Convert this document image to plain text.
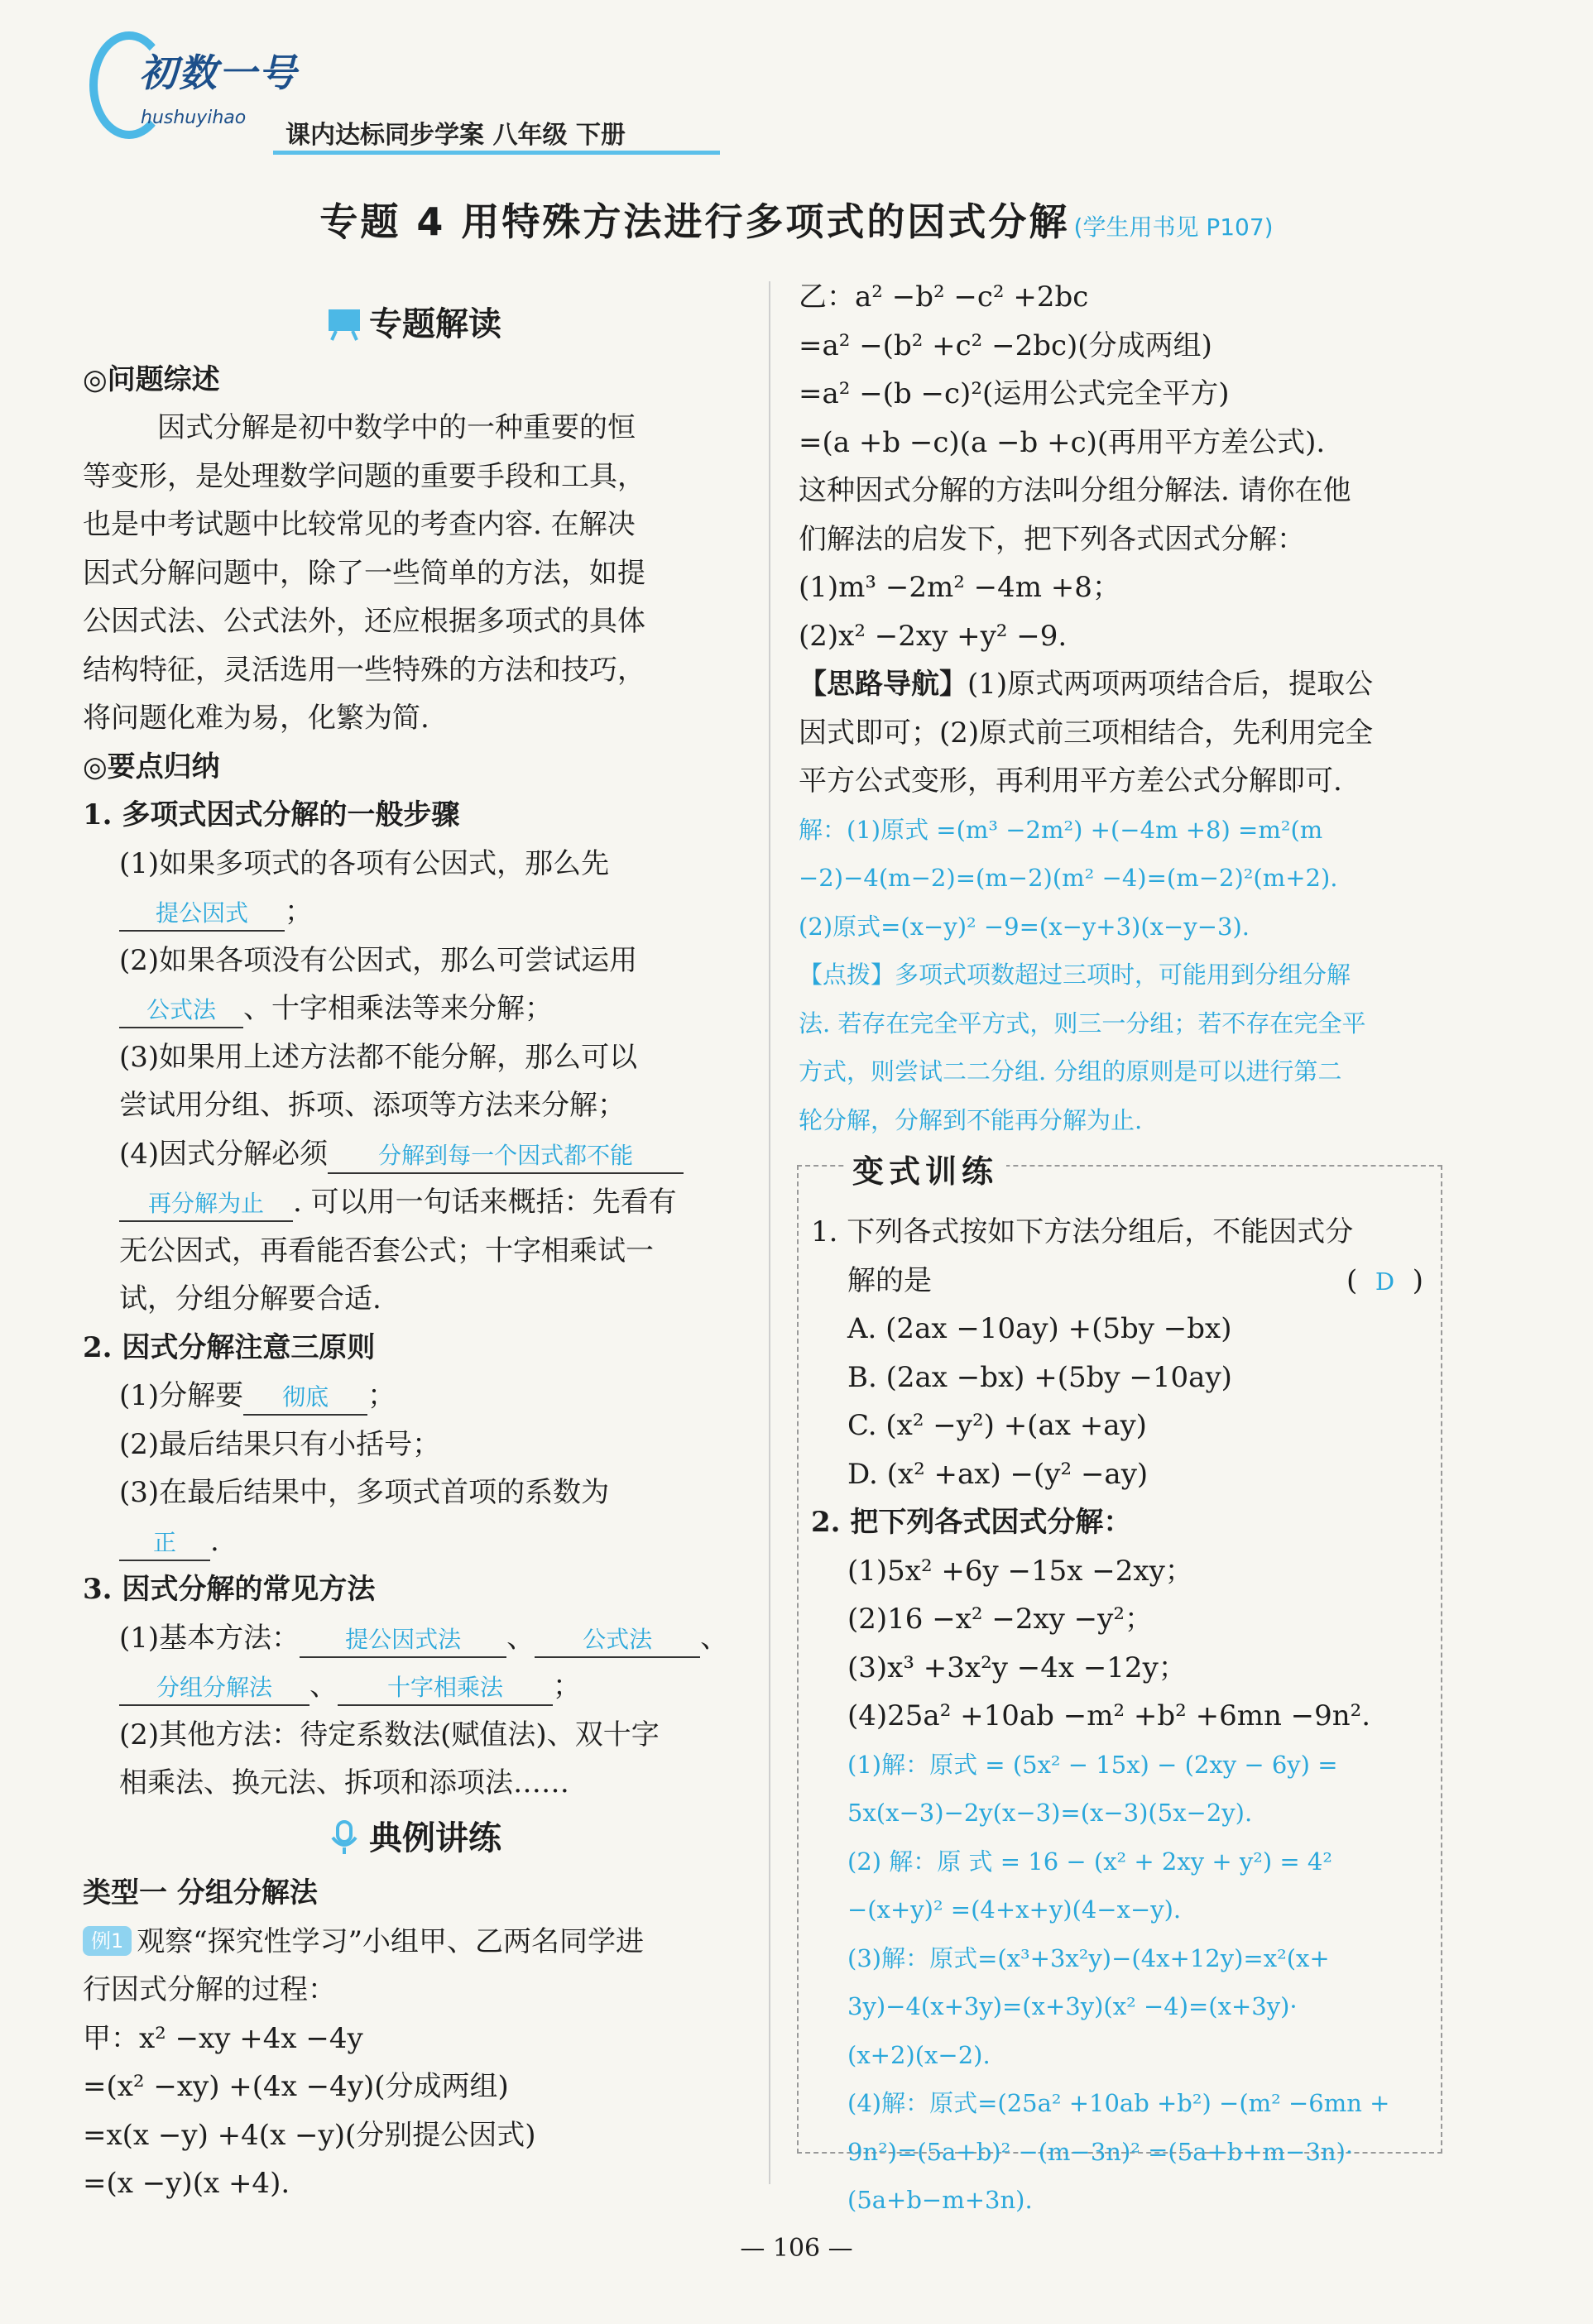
初数一号
hushuyihao
课内达标同步学案 八年级 下册
专题 4 用特殊方法进行多项式的因式分解 (学生用书见 P107)
专题解读
◎问题综述
因式分解是初中数学中的一种重要的恒
等变形，是处理数学问题的重要手段和工具，
也是中考试题中比较常见的考查内容. 在解决
因式分解问题中，除了一些简单的方法，如提
公因式法、公式法外，还应根据多项式的具体
结构特征，灵活选用一些特殊的方法和技巧，
将问题化难为易，化繁为简.
◎要点归纳
1. 多项式因式分解的一般步骤
(1)如果多项式的各项有公因式，那么先
提公因式 ；
(2)如果各项没有公因式，那么可尝试运用
公式法 、十字相乘法等来分解；
(3)如果用上述方法都不能分解，那么可以
尝试用分组、拆项、添项等方法来分解；
(4)因式分解必须 分解到每一个因式都不能
再分解为止 . 可以用一句话来概括：先看有
无公因式，再看能否套公式；十字相乘试一
试，分组分解要合适.
2. 因式分解注意三原则
(1)分解要 彻底 ；
(2)最后结果只有小括号；
(3)在最后结果中，多项式首项的系数为
正 .
3. 因式分解的常见方法
(1)基本方法： 提公因式法 、 公式法 、
分组分解法 、 十字相乘法 ；
(2)其他方法：待定系数法(赋值法)、双十字
相乘法、换元法、拆项和添项法……
典例讲练
类型一 分组分解法
例1 观察“探究性学习”小组甲、乙两名同学进
行因式分解的过程：
甲：x² −xy +4x −4y
=(x² −xy) +(4x −4y)(分成两组)
=x(x −y) +4(x −y)(分别提公因式)
=(x −y)(x +4).
乙：a² −b² −c² +2bc
=a² −(b² +c² −2bc)(分成两组)
=a² −(b −c)²(运用公式完全平方)
=(a +b −c)(a −b +c)(再用平方差公式).
这种因式分解的方法叫分组分解法. 请你在他
们解法的启发下，把下列各式因式分解：
(1)m³ −2m² −4m +8；
(2)x² −2xy +y² −9.
【思路导航】(1)原式两项两项结合后，提取公
因式即可；(2)原式前三项相结合，先利用完全
平方公式变形，再利用平方差公式分解即可.
解：(1)原式 =(m³ −2m²) +(−4m +8) =m²(m
−2)−4(m−2)=(m−2)(m² −4)=(m−2)²(m+2).
(2)原式=(x−y)² −9=(x−y+3)(x−y−3).
【点拨】多项式项数超过三项时，可能用到分组分解
法. 若存在完全平方式，则三一分组；若不存在完全平
方式，则尝试二二分组. 分组的原则是可以进行第二
轮分解，分解到不能再分解为止.
变式训练
1. 下列各式按如下方法分组后，不能因式分
解的是	( D )
A. (2ax −10ay) +(5by −bx)
B. (2ax −bx) +(5by −10ay)
C. (x² −y²) +(ax +ay)
D. (x² +ax) −(y² −ay)
2. 把下列各式因式分解：
(1)5x² +6y −15x −2xy；
(2)16 −x² −2xy −y²；
(3)x³ +3x²y −4x −12y；
(4)25a² +10ab −m² +b² +6mn −9n².
(1)解：原式 = (5x² − 15x) − (2xy − 6y) =
5x(x−3)−2y(x−3)=(x−3)(5x−2y).
(2) 解：原 式 = 16 − (x² + 2xy + y²) = 4²
−(x+y)² =(4+x+y)(4−x−y).
(3)解：原式=(x³+3x²y)−(4x+12y)=x²(x+
3y)−4(x+3y)=(x+3y)(x² −4)=(x+3y)·
(x+2)(x−2).
(4)解：原式=(25a² +10ab +b²) −(m² −6mn +
9n²)=(5a+b)² −(m−3n)² =(5a+b+m−3n)·
(5a+b−m+3n).
— 106 —
